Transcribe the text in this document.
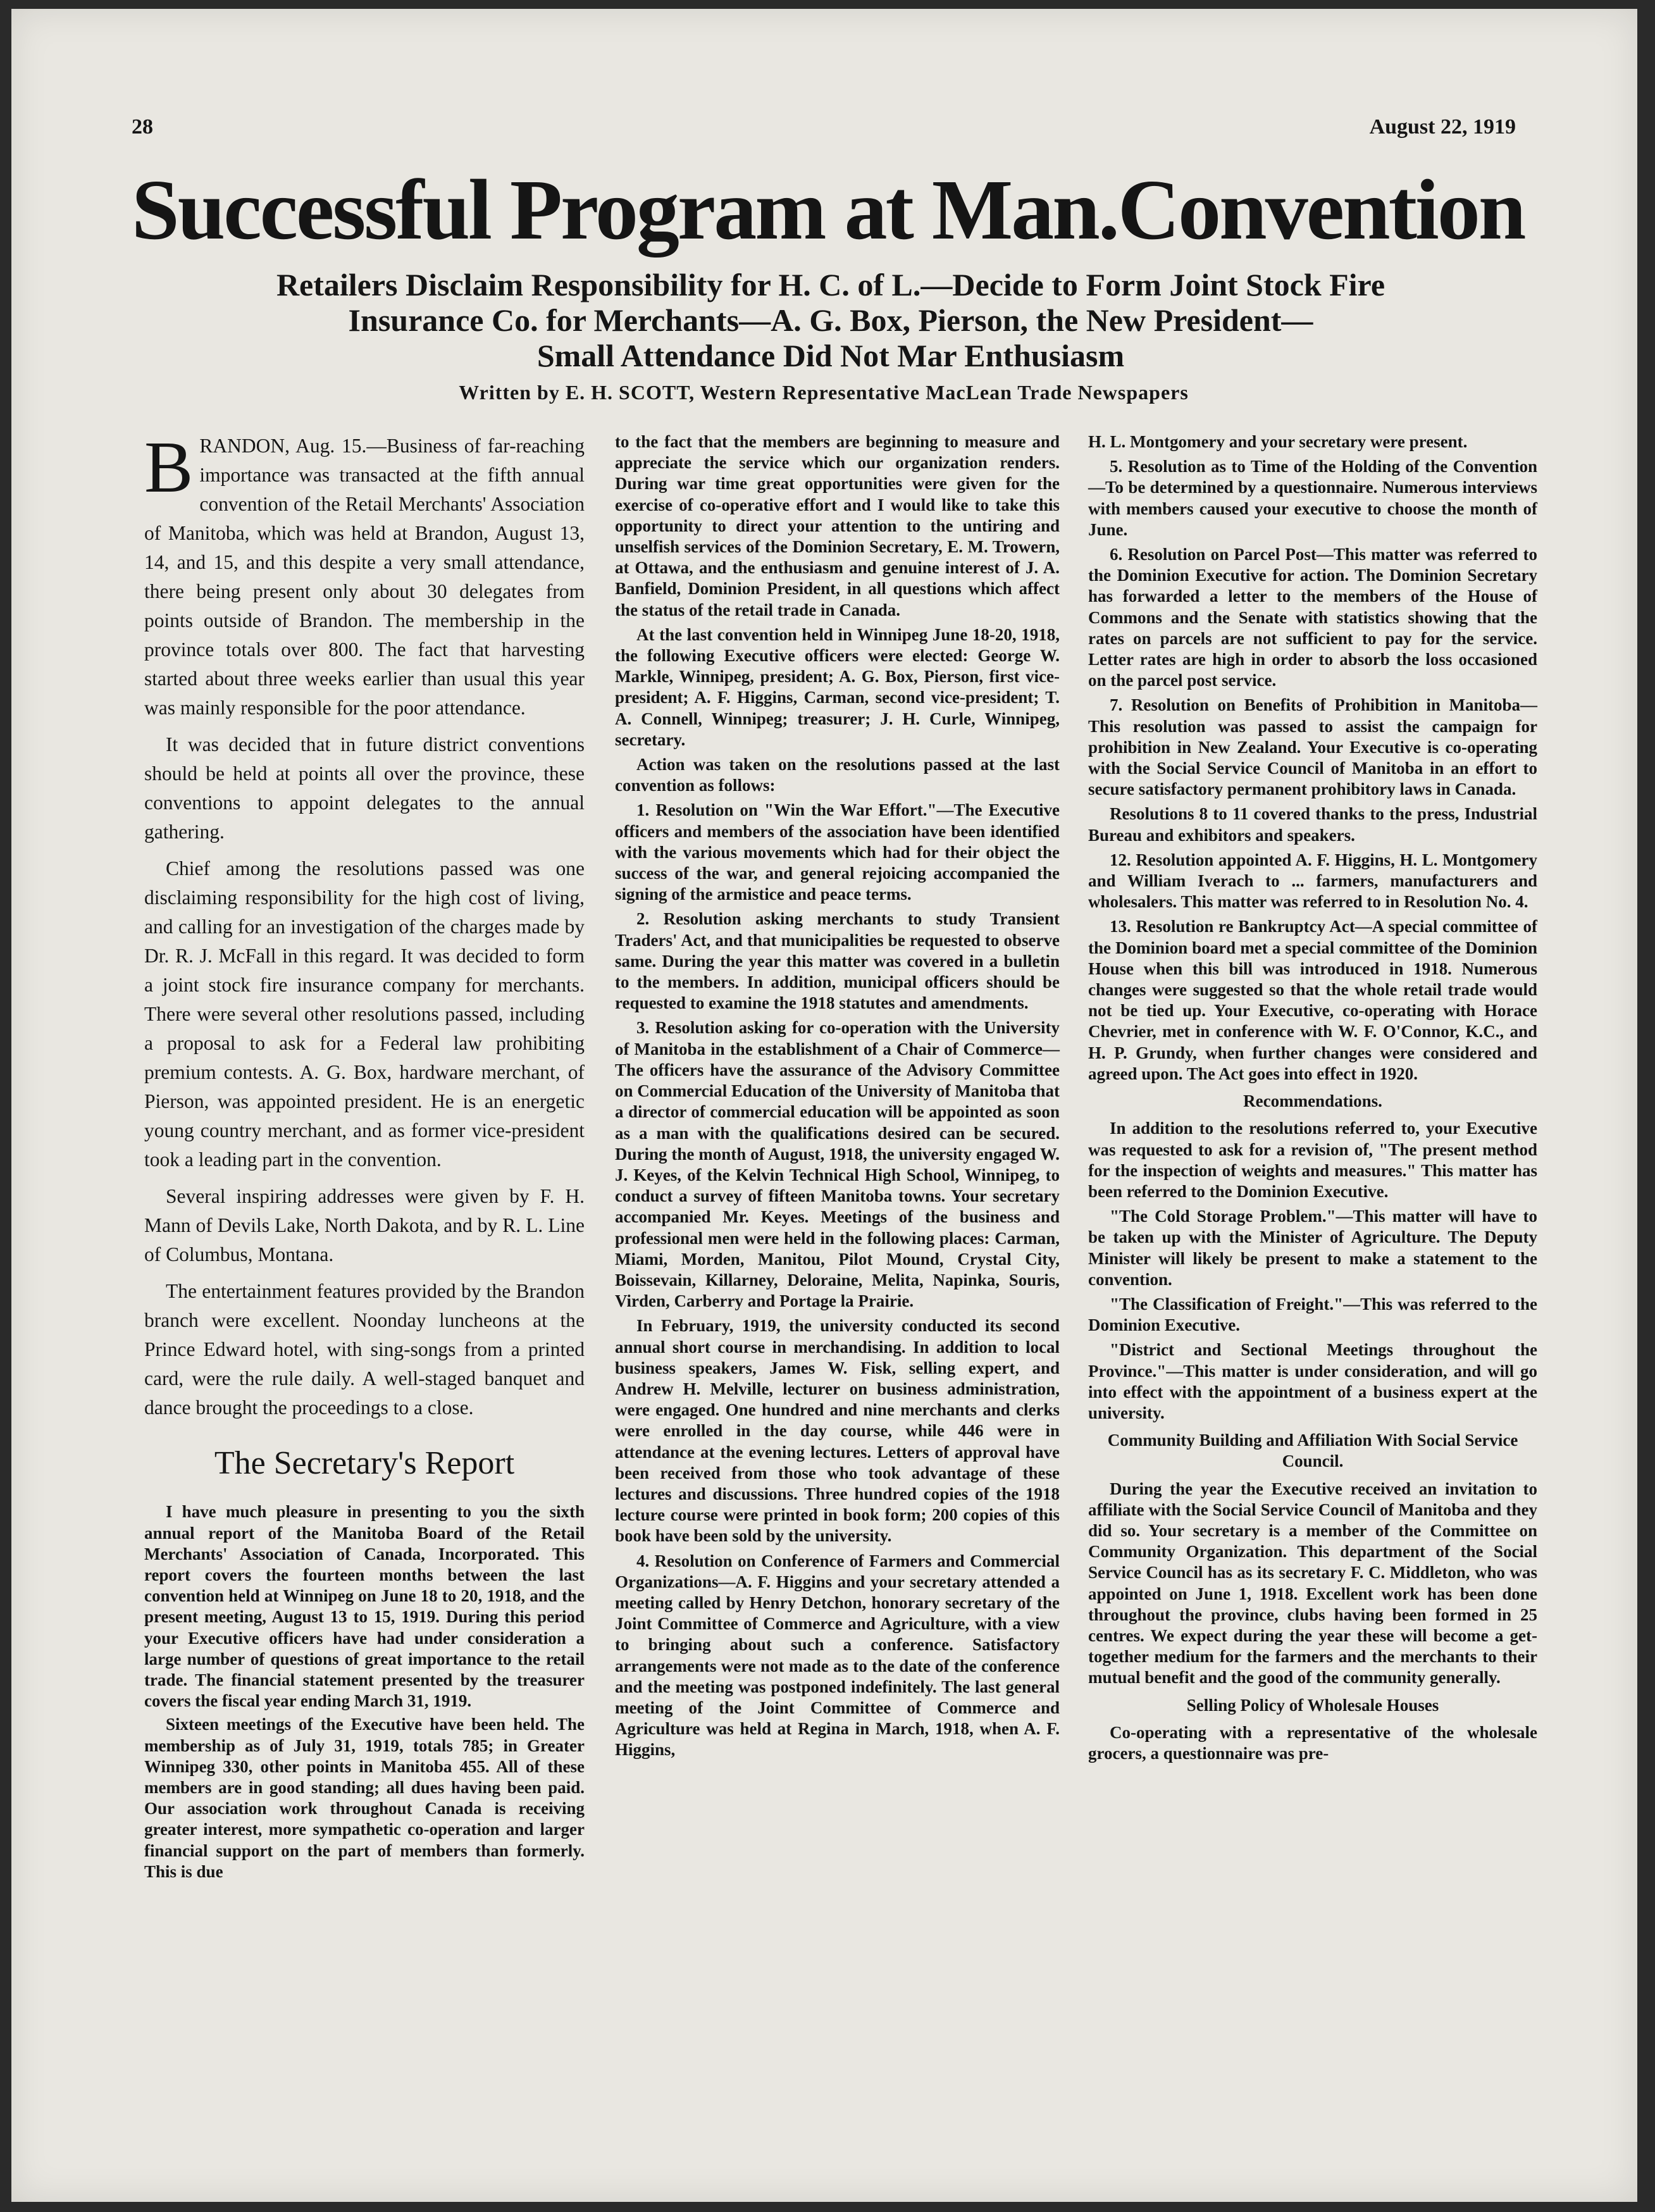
28	August 22, 1919
Successful Program at Man.Convention
Retailers Disclaim Responsibility for H. C. of L.—Decide to Form Joint Stock Fire
Insurance Co. for Merchants—A. G. Box, Pierson, the New President—
Small Attendance Did Not Mar Enthusiasm
Written by E. H. SCOTT, Western Representative MacLean Trade Newspapers

BRANDON, Aug. 15.—Business of far-reaching importance was transacted at the fifth annual convention of the Retail Merchants' Association of Manitoba, which was held at Brandon, August 13, 14, and 15, and this despite a very small attendance, there being present only about 30 delegates from points outside of Brandon. The membership in the province totals over 800. The fact that harvesting started about three weeks earlier than usual this year was mainly responsible for the poor attendance.

It was decided that in future district conventions should be held at points all over the province, these conventions to appoint delegates to the annual gathering.

Chief among the resolutions passed was one disclaiming responsibility for the high cost of living, and calling for an investigation of the charges made by Dr. R. J. McFall in this regard. It was decided to form a joint stock fire insurance company for merchants. There were several other resolutions passed, including a proposal to ask for a Federal law prohibiting premium contests. A. G. Box, hardware merchant, of Pierson, was appointed president. He is an energetic young country merchant, and as former vice-president took a leading part in the convention.

Several inspiring addresses were given by F. H. Mann of Devils Lake, North Dakota, and by R. L. Line of Columbus, Montana.

The entertainment features provided by the Brandon branch were excellent. Noonday luncheons at the Prince Edward hotel, with sing-songs from a printed card, were the rule daily. A well-staged banquet and dance brought the proceedings to a close.

The Secretary's Report

I have much pleasure in presenting to you the sixth annual report of the Manitoba Board of the Retail Merchants' Association of Canada, Incorporated. This report covers the fourteen months between the last convention held at Winnipeg on June 18 to 20, 1918, and the present meeting, August 13 to 15, 1919. During this period your Executive officers have had under consideration a large number of questions of great importance to the retail trade. The financial statement presented by the treasurer covers the fiscal year ending March 31, 1919.

Sixteen meetings of the Executive have been held. The membership as of July 31, 1919, totals 785; in Greater Winnipeg 330, other points in Manitoba 455. All of these members are in good standing; all dues having been paid. Our association work throughout Canada is receiving greater interest, more sympathetic co-operation and larger financial support on the part of members than formerly. This is due

to the fact that the members are beginning to measure and appreciate the service which our organization renders. During war time great opportunities were given for the exercise of co-operative effort and I would like to take this opportunity to direct your attention to the untiring and unselfish services of the Dominion Secretary, E. M. Trowern, at Ottawa, and the enthusiasm and genuine interest of J. A. Banfield, Dominion President, in all questions which affect the status of the retail trade in Canada.

At the last convention held in Winnipeg June 18-20, 1918, the following Executive officers were elected: George W. Markle, Winnipeg, president; A. G. Box, Pierson, first vice-president; A. F. Higgins, Carman, second vice-president; T. A. Connell, Winnipeg; treasurer; J. H. Curle, Winnipeg, secretary.

Action was taken on the resolutions passed at the last convention as follows:

1. Resolution on "Win the War Effort."—The Executive officers and members of the association have been identified with the various movements which had for their object the success of the war, and general rejoicing accompanied the signing of the armistice and peace terms.

2. Resolution asking merchants to study Transient Traders' Act, and that municipalities be requested to observe same. During the year this matter was covered in a bulletin to the members. In addition, municipal officers should be requested to examine the 1918 statutes and amendments.

3. Resolution asking for co-operation with the University of Manitoba in the establishment of a Chair of Commerce—The officers have the assurance of the Advisory Committee on Commercial Education of the University of Manitoba that a director of commercial education will be appointed as soon as a man with the qualifications desired can be secured. During the month of August, 1918, the university engaged W. J. Keyes, of the Kelvin Technical High School, Winnipeg, to conduct a survey of fifteen Manitoba towns. Your secretary accompanied Mr. Keyes. Meetings of the business and professional men were held in the following places: Carman, Miami, Morden, Manitou, Pilot Mound, Crystal City, Boissevain, Killarney, Deloraine, Melita, Napinka, Souris, Virden, Carberry and Portage la Prairie.

In February, 1919, the university conducted its second annual short course in merchandising. In addition to local business speakers, James W. Fisk, selling expert, and Andrew H. Melville, lecturer on business administration, were engaged. One hundred and nine merchants and clerks were enrolled in the day course, while 446 were in attendance at the evening lectures. Letters of approval have been received from those who took advantage of these lectures and discussions. Three hundred copies of the 1918 lecture course were printed in book form; 200 copies of this book have been sold by the university.

4. Resolution on Conference of Farmers and Commercial Organizations—A. F. Higgins and your secretary attended a meeting called by Henry Detchon, honorary secretary of the Joint Committee of Commerce and Agriculture, with a view to bringing about such a conference. Satisfactory arrangements were not made as to the date of the conference and the meeting was postponed indefinitely. The last general meeting of the Joint Committee of Commerce and Agriculture was held at Regina in March, 1918, when A. F. Higgins,

H. L. Montgomery and your secretary were present.

5. Resolution as to Time of the Holding of the Convention—To be determined by a questionnaire. Numerous interviews with members caused your executive to choose the month of June.

6. Resolution on Parcel Post—This matter was referred to the Dominion Executive for action. The Dominion Secretary has forwarded a letter to the members of the House of Commons and the Senate with statistics showing that the rates on parcels are not sufficient to pay for the service. Letter rates are high in order to absorb the loss occasioned on the parcel post service.

7. Resolution on Benefits of Prohibition in Manitoba—This resolution was passed to assist the campaign for prohibition in New Zealand. Your Executive is co-operating with the Social Service Council of Manitoba in an effort to secure satisfactory permanent prohibitory laws in Canada.

Resolutions 8 to 11 covered thanks to the press, Industrial Bureau and exhibitors and speakers.

12. Resolution appointed A. F. Higgins, H. L. Montgomery and William Iverach to ... farmers, manufacturers and wholesalers. This matter was referred to in Resolution No. 4.

13. Resolution re Bankruptcy Act—A special committee of the Dominion board met a special committee of the Dominion House when this bill was introduced in 1918. Numerous changes were suggested so that the whole retail trade would not be tied up. Your Executive, co-operating with Horace Chevrier, met in conference with W. F. O'Connor, K.C., and H. P. Grundy, when further changes were considered and agreed upon. The Act goes into effect in 1920.

Recommendations.

In addition to the resolutions referred to, your Executive was requested to ask for a revision of, "The present method for the inspection of weights and measures." This matter has been referred to the Dominion Executive.

"The Cold Storage Problem."—This matter will have to be taken up with the Minister of Agriculture. The Deputy Minister will likely be present to make a statement to the convention.

"The Classification of Freight."—This was referred to the Dominion Executive.

"District and Sectional Meetings throughout the Province."—This matter is under consideration, and will go into effect with the appointment of a business expert at the university.

Community Building and Affiliation With Social Service Council.

During the year the Executive received an invitation to affiliate with the Social Service Council of Manitoba and they did so. Your secretary is a member of the Committee on Community Organization. This department of the Social Service Council has as its secretary F. C. Middleton, who was appointed on June 1, 1918. Excellent work has been done throughout the province, clubs having been formed in 25 centres. We expect during the year these will become a get-together medium for the farmers and the merchants to their mutual benefit and the good of the community generally.

Selling Policy of Wholesale Houses

Co-operating with a representative of the wholesale grocers, a questionnaire was pre-
